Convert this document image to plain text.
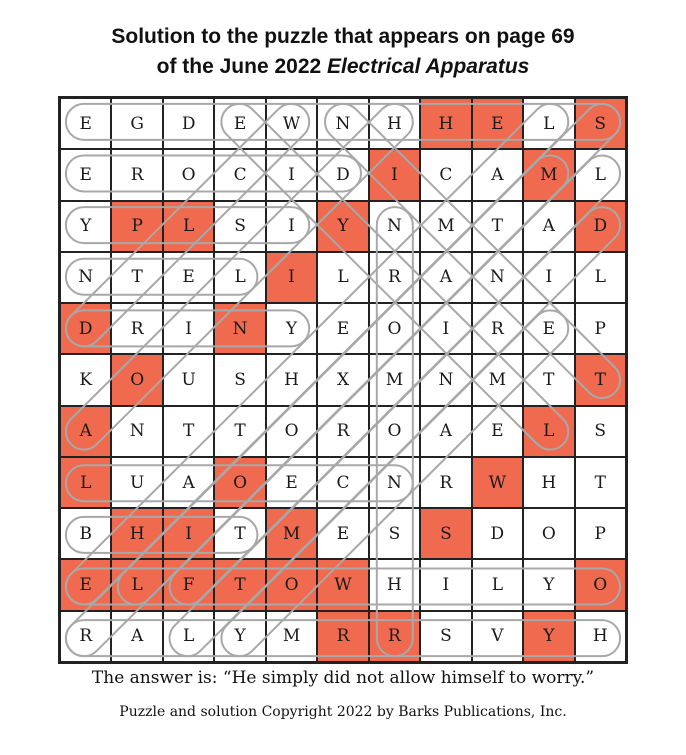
Solution to the puzzle that appears on page 69
of the June 2022 Electrical Apparatus
E	G	D	E	W	N	H	H	E	L	S
E	R	O	C	I	D	I	C	A	M	L
Y	P	L	S	I	Y	N	M	T	A	D
N	T	E	L	I	L	R	A	N	I	L
D	R	I	N	Y	E	O	I	R	E	P
K	O	U	S	H	X	M	N	M	T	T
A	N	T	T	O	R	O	A	E	L	S
L	U	A	O	E	C	N	R	W	H	T
B	H	I	T	M	E	S	S	D	O	P
E	L	F	T	O	W	H	I	L	Y	O
R	A	L	Y	M	R	R	S	V	Y	H
The answer is: “He simply did not allow himself to worry.”
Puzzle and solution Copyright 2022 by Barks Publications, Inc.
